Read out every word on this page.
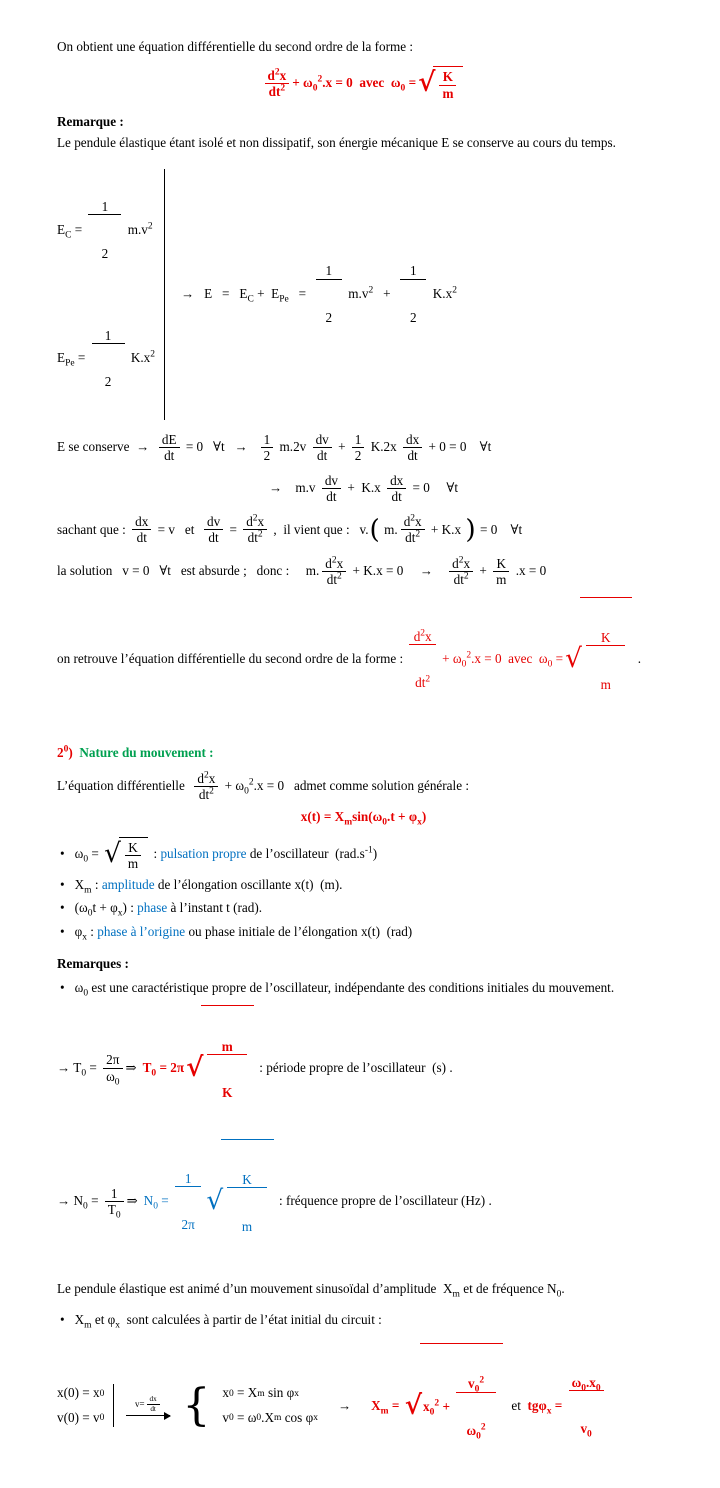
On obtient une équation différentielle du second ordre de la forme :

$\frac{d^2x}{dt^2} + \omega_0^2.x = 0$  avec  $\omega_0$ = √ $\frac{K}{m}$

Remarque :

Le pendule élastique étant isolé et non dissipatif, son énergie mécanique E se conserve au cours du temps.

$E_C$ =

$\frac{1}{2}$

$m.v^2$
$E_{Pe}$ =

$\frac{1}{2}$

$K.x^2$
→   $E = E_C + E_{Pe}$   =

$\frac{1}{2}$

$m.v^2$   +

$\frac{1}{2}$

$K.x^2$
E se conserve  → $\frac{dE}{dt} = 0$   ∀t   → $\frac{1}{2} m.2v \frac{dv}{dt} + \frac{1}{2} K.2x \frac{dx}{dt} + 0 = 0$    ∀t
→    $m.v \frac{dv}{dt} + K.x \frac{dx}{dt} = 0$     ∀t
sachant que : $\frac{dx}{dt} = v$   et $\frac{dv}{dt} = \frac{d^2x}{dt^2}$ ,  il vient que :   v. ( m. $\frac{d^2x}{dt^2} + K.x$ ) = 0    ∀t
la solution   v = 0   ∀t   est absurde ;   donc :     m. $\frac{d^2x}{dt^2} + K.x = 0 \to \frac{d^2x}{dt^2} + \frac{K}{m} .x = 0$
on retrouve l’équation différentielle du second ordre de la forme :

$\frac{d^2x}{dt^2}$

+ $\omega_0^2.x = 0$  avec  $\omega_0$ = √

$\frac{K}{m}$

.
$2^0$)  Nature du mouvement :
L’équation différentielle $\frac{d^2x}{dt^2} + \omega_0^2.x = 0$   admet comme solution générale :
$x(t) = X_m\sin(\omega_0.t + \varphi_x)$
• $\omega_0$ = √ $\frac{K}{m}$ : pulsation propre de l’oscillateur  $(rad.s^{-1})$
• $X_m$ : amplitude de l’élongation oscillante x(t)  (m).
• $(\omega_0t + \varphi_x)$ : phase à l’instant t (rad).
• $\varphi_x$ : phase à l’origine ou phase initiale de l’élongation x(t)  (rad)

Remarques :

• $\omega_0$ est une caractéristique propre de l’oscillateur, indépendante des conditions initiales du mouvement.
→ $T_0 = \frac{2\pi}{\omega_0}$ ⇒ $T_0 = 2\pi$ √

$\frac{m}{K}$

: période propre de l’oscillateur  (s) .
→ $N_0 = \frac{1}{T_0}$ ⇒ $N_0$ =

$\frac{1}{2\pi}$

√

$\frac{K}{m}$

: fréquence propre de l’oscillateur (Hz) .

Le pendule élastique est animé d’un mouvement sinusoïdal d’amplitude  $X_m$ et de fréquence $N_0$.

• $X_m$ et $\varphi_x$  sont calculées à partir de l’état initial du circuit :
x(0) = x 0
v(0) = v 0
$v= \frac{dx}{dt}$ { x 0 = X m sin φ x
v 0 = ω 0 .X m cos φ x
→ $X_m$ = √ $x_0^2$ +

$\frac{v_0^2}{\omega_0^2}$

et tgφ$_x$ =

$\frac{\omega_0.x_0}{v_0}$
